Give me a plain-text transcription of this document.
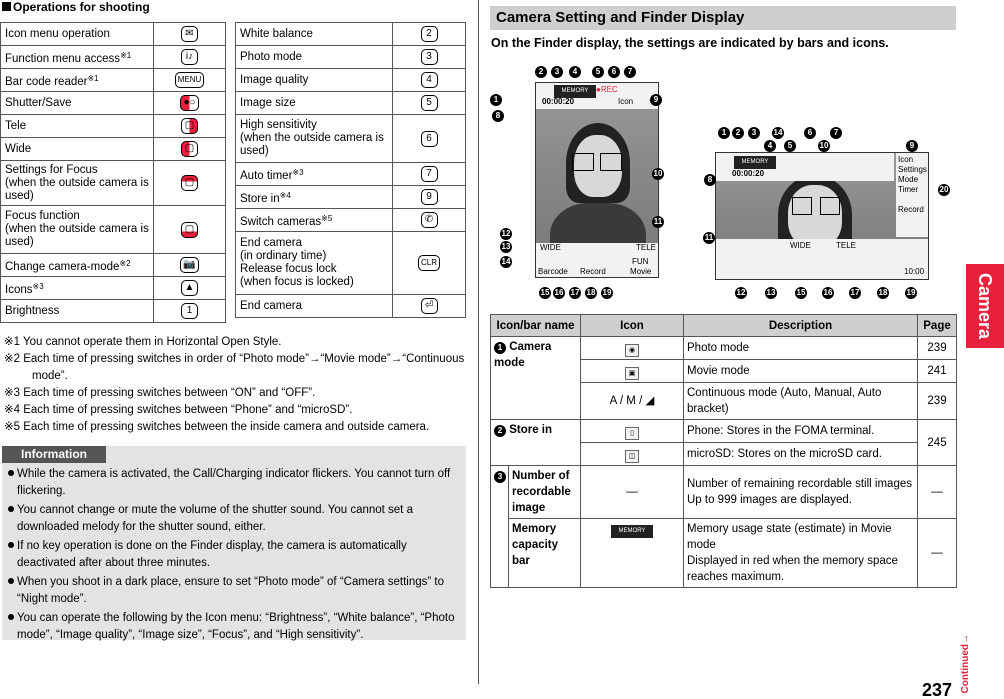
Operations for shooting
Icon menu operation	✉
Function menu access$^{※1}$	i♪
Bar code reader$^{※1}$	MENU
Shutter/Save	●○
Tele	▢
Wide	▢
Settings for Focus
(when the outside camera is used)	▢
Focus function
(when the outside camera is used)	▢
Change camera-mode$^{※2}$	📷
Icons$^{※3}$	▲
Brightness	1
White balance	2
Photo mode	3
Image quality	4
Image size	5
High sensitivity
(when the outside camera is used)	6
Auto timer$^{※3}$	7
Store $in^{※4}$	9
Switch cameras$^{※5}$	✆
End camera
(in ordinary time)
Release focus lock
(when focus is locked)	CLR
End camera	⏎
※1 You cannot operate them in Horizontal Open Style.
※2 Each time of pressing switches in order of “Photo mode”→“Movie mode”→“Continuous mode”.
※3 Each time of pressing switches between “ON” and “OFF”.
※4 Each time of pressing switches between “Phone” and “microSD”.
※5 Each time of pressing switches between the inside camera and outside camera.
Information
While the camera is activated, the Call/Charging indicator flickers. You cannot turn off flickering.
You cannot change or mute the volume of the shutter sound. You cannot set a downloaded melody for the shutter sound, either.
If no key operation is done on the Finder display, the camera is automatically deactivated after about three minutes.
When you shoot in a dark place, ensure to set “Photo mode” of “Camera settings” to “Night mode”.
You can operate the following by the Icon menu: “Brightness”, “White balance”, “Photo mode”, “Image quality”, “Image size”, “Focus”, and “High sensitivity”.
Camera Setting and Finder Display
On the Finder display, the settings are indicated by bars and icons.
MEMORY ●REC
00:00:20	Icon
WIDE	TELE
Barcode Record
FUN
Movie
MEMORY
00:00:20
Icon
Settings
Mode
Timer
Record
WIDE	TELE
10:00
1
2	3	4	5	6	7
8
9
10
11
12
13
14
15 16 17 18 19
1	2	3	14
4	5
6
10
7
9
8
20
11
12	13	15 16 17 18 19
Icon/bar name		Icon	Description	Page
1 Camera mode		◉	Photo mode	239
		▣	Movie mode	241
		A / M / ◢	Continuous mode (Auto, Manual, Auto bracket)	239
2 Store in		▯	Phone: Stores in the FOMA terminal.	245
		◫	microSD: Stores on the microSD card.	
3	Number of recordable image	—	Number of remaining recordable still images
Up to 999 images are displayed.	—
	Memory capacity bar	MEMORY	Memory usage state (estimate) in Movie mode
Displayed in red when the memory space reaches maximum.	—
Camera
Continued→
237
